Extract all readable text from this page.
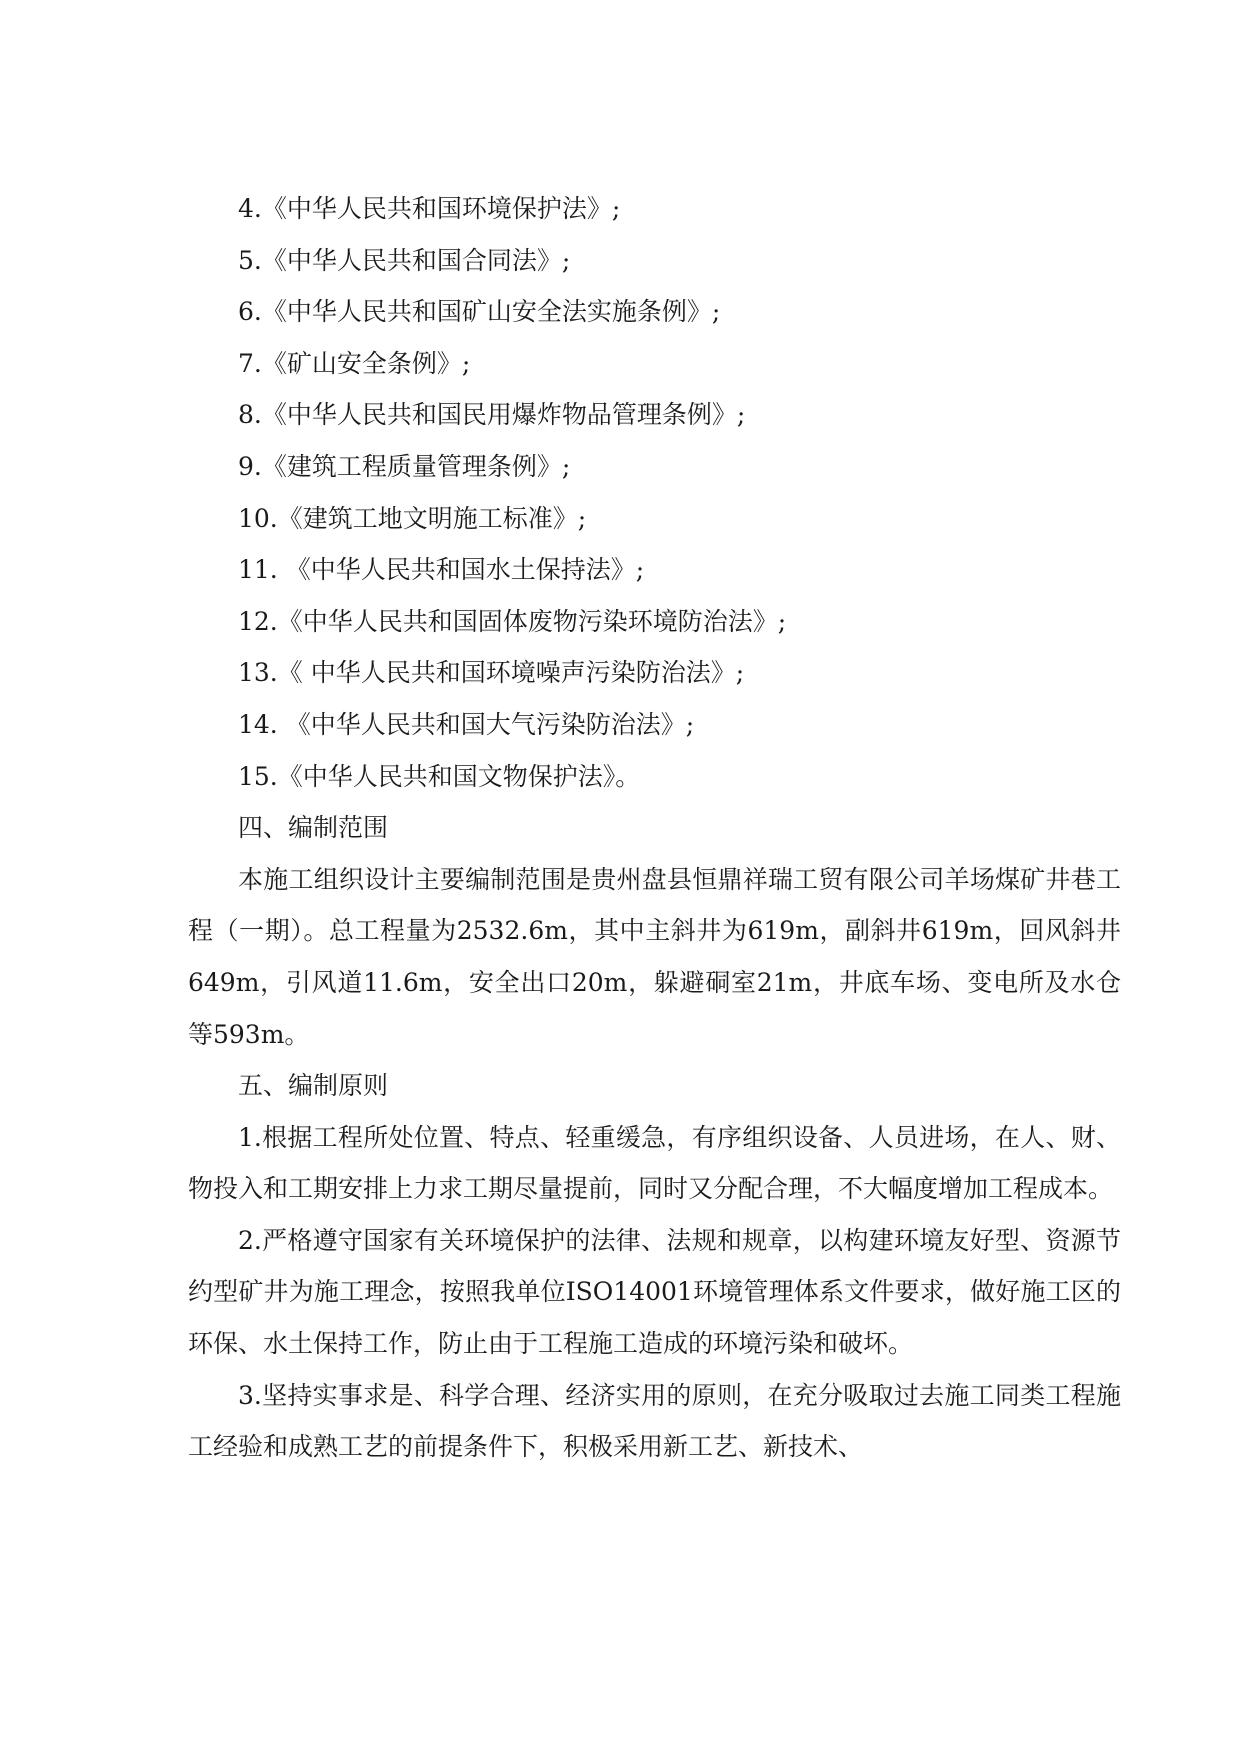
4.《中华人民共和国环境保护法》;
5.《中华人民共和国合同法》;
6.《中华人民共和国矿山安全法实施条例》;
7.《矿山安全条例》;
8.《中华人民共和国民用爆炸物品管理条例》;
9.《建筑工程质量管理条例》;
10.《建筑工地文明施工标准》;
11. 《中华人民共和国水土保持法》;
12.《中华人民共和国固体废物污染环境防治法》;
13.《 中华人民共和国环境噪声污染防治法》;
14. 《中华人民共和国大气污染防治法》;
15.《中华人民共和国文物保护法》。
四、编制范围

本施工组织设计主要编制范围是贵州盘县恒鼎祥瑞工贸有限公司羊场煤矿井巷工程（一期）。总工程量为2532.6m，其中主斜井为619m，副斜井619m，回风斜井649m，引风道11.6m，安全出口20m，躲避硐室21m，井底车场、变电所及水仓等593m。

五、编制原则

1.根据工程所处位置、特点、轻重缓急，有序组织设备、人员进场，在人、财、物投入和工期安排上力求工期尽量提前，同时又分配合理，不大幅度增加工程成本。

2.严格遵守国家有关环境保护的法律、法规和规章，以构建环境友好型、资源节约型矿井为施工理念，按照我单位ISO14001环境管理体系文件要求，做好施工区的环保、水土保持工作，防止由于工程施工造成的环境污染和破坏。

3.坚持实事求是、科学合理、经济实用的原则，在充分吸取过去施工同类工程施工经验和成熟工艺的前提条件下，积极采用新工艺、新技术、
